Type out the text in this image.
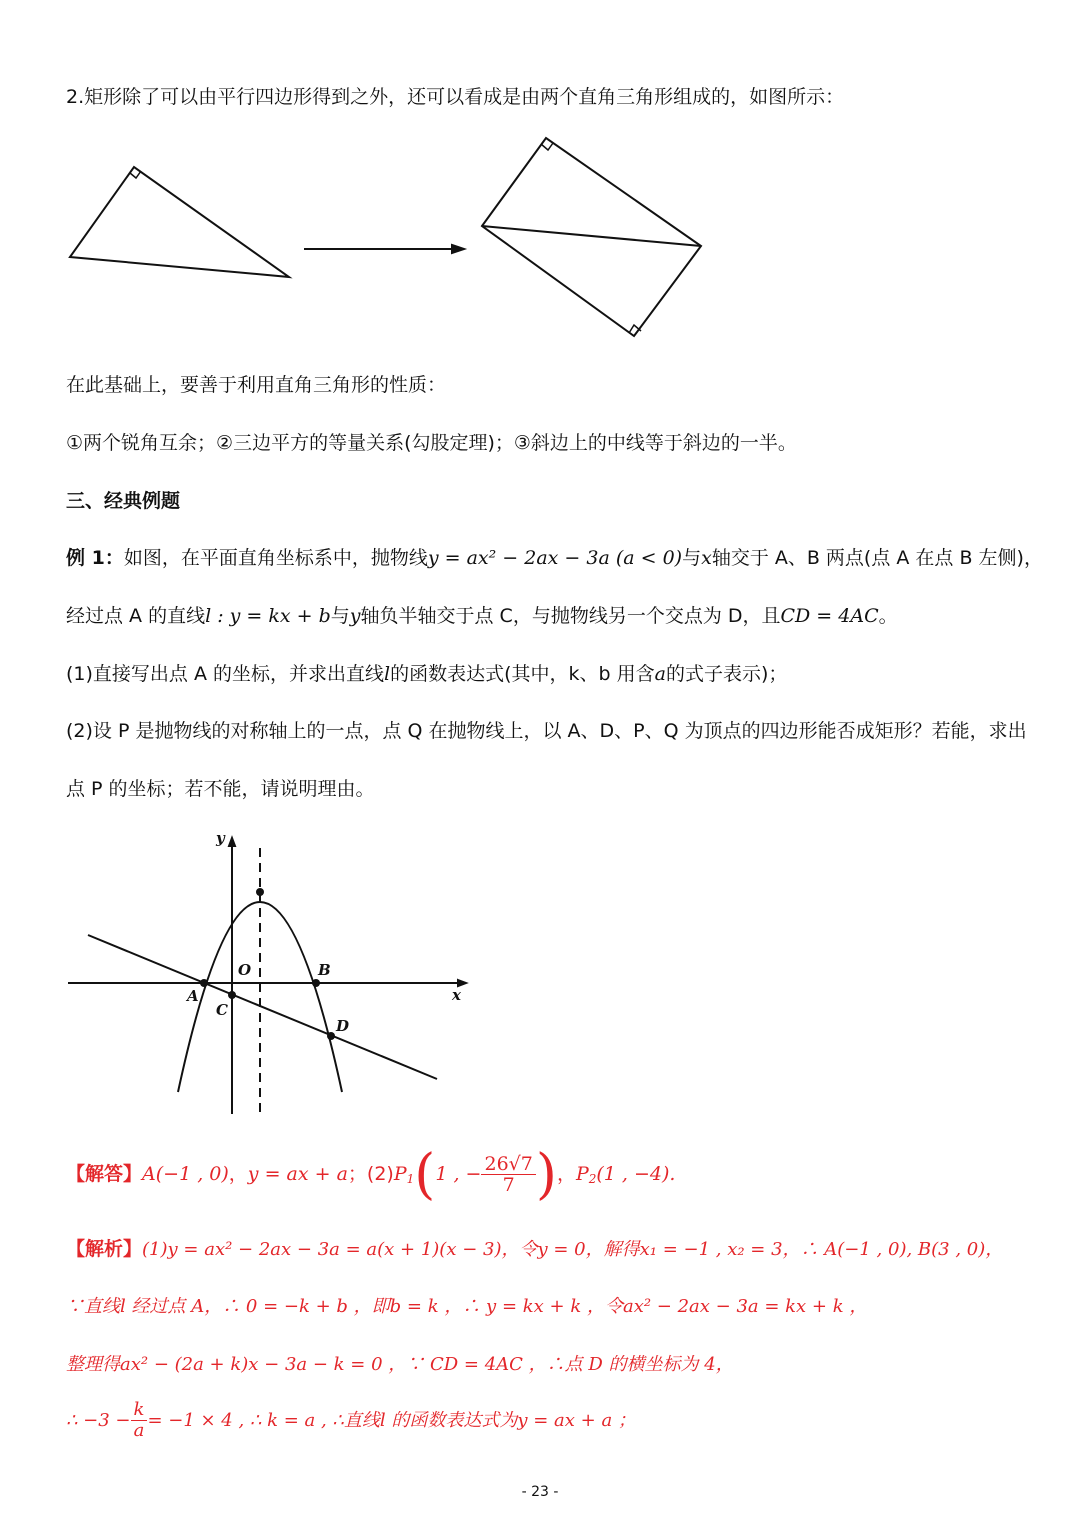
2.矩形除了可以由平行四边形得到之外，还可以看成是由两个直角三角形组成的，如图所示：
在此基础上，要善于利用直角三角形的性质：
①两个锐角互余；②三边平方的等量关系(勾股定理)；③斜边上的中线等于斜边的一半。
三、经典例题
例 1：如图，在平面直角坐标系中，抛物线y = ax² − 2ax − 3a (a < 0)与x轴交于 A、B 两点(点 A 在点 B 左侧)，
经过点 A 的直线l : y = kx + b与y轴负半轴交于点 C，与抛物线另一个交点为 D，且CD = 4AC。
(1)直接写出点 A 的坐标，并求出直线l的函数表达式(其中，k、b 用含a的式子表示)；
(2)设 P 是抛物线的对称轴上的一点，点 Q 在抛物线上，以 A、D、P、Q 为顶点的四边形能否成矩形？若能，求出
点 P 的坐标；若不能，请说明理由。
y
x
O
A
B
C
D
【解答】A(−1 , 0)，y = ax + a；$(2)P_1(1$ , − $\frac{26√7}{7}$ )，$P_2(1$ , −4).
【解析】(1)y = ax² − 2ax − 3a = a(x + 1)(x − 3)，令y = 0，解得x₁ = −1 , x₂ = 3，∴ A(−1 , 0), B(3 , 0)，
∵直线l 经过点 A，∴ 0 = −k + b ，即b = k ，∴ y = kx + k ，令ax² − 2ax − 3a = kx + k ，
整理得ax² − (2a + k)x − 3a − k = 0 ，∵ CD = 4AC ，∴点 D 的横坐标为 4，
∴ $-3 - \frac{k}{a} = -1 \times 4$ , ∴ k = a , ∴直线l 的函数表达式为y = ax + a ；
- 23 -
